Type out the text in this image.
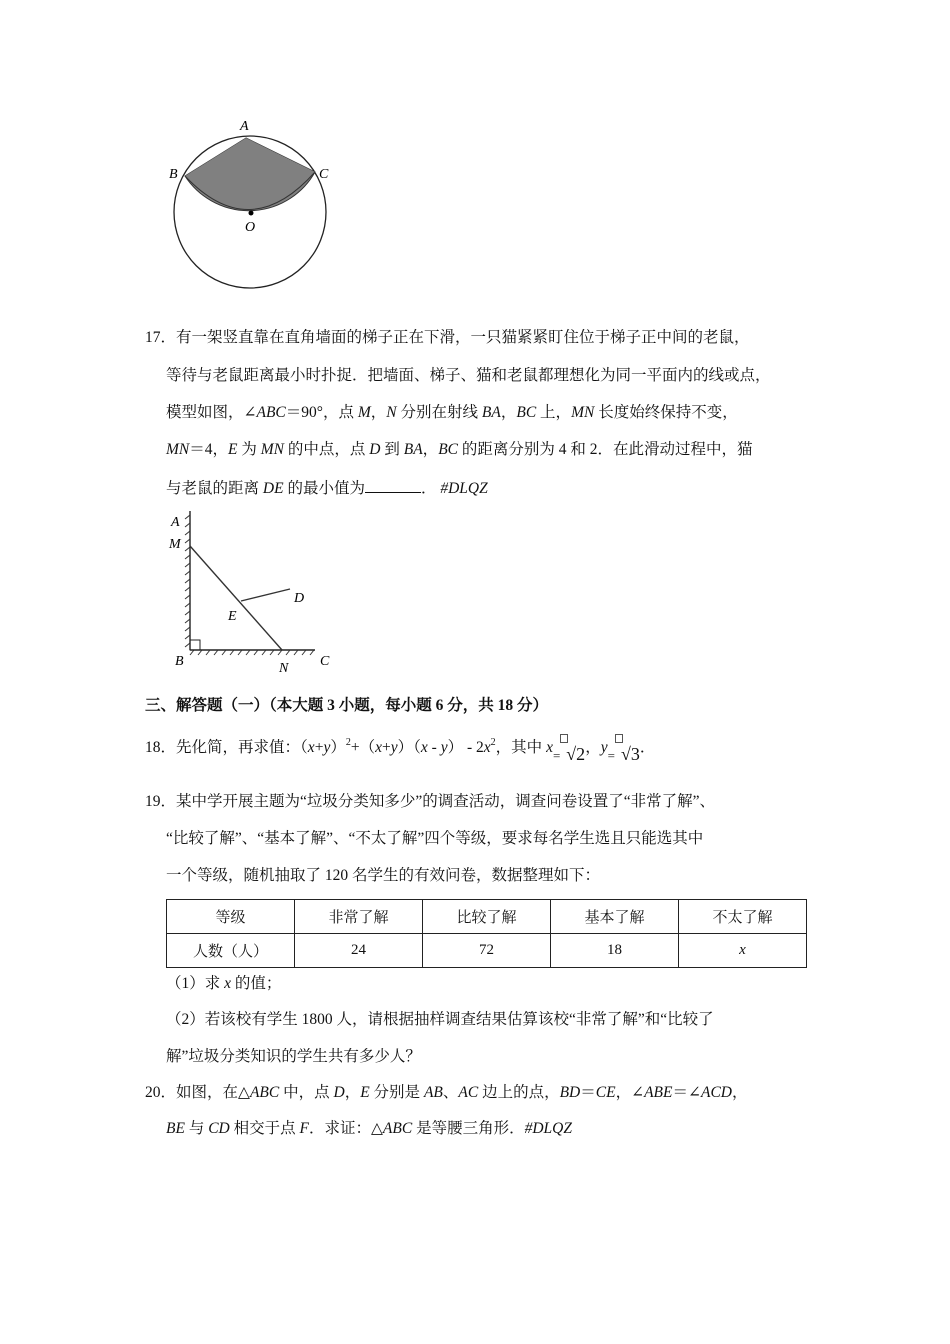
A
B	C
O
17．有一架竖直靠在直角墙面的梯子正在下滑，一只猫紧紧盯住位于梯子正中间的老鼠，
等待与老鼠距离最小时扑捉．把墙面、梯子、猫和老鼠都理想化为同一平面内的线或点，
模型如图，∠ABC＝90°，点 M，N 分别在射线 BA，BC 上，MN 长度始终保持不变，
MN＝4，E 为 MN 的中点，点 D 到 BA，BC 的距离分别为 4 和 2．在此滑动过程中，猫
与老鼠的距离 DE 的最小值为	． #DLQZ
A
M
E
D
B	N C
三、解答题（一）（本大题 3 小题，每小题 6 分，共 18 分）
18．先化简，再求值：$(x+y)^2+(x+y)(x - y) - 2x^2$，其中 $x_=$ √2，$y_=$ √3．
19．某中学开展主题为“垃圾分类知多少”的调查活动，调查问卷设置了“非常了解”、
“比较了解”、“基本了解”、“不太了解”四个等级，要求每名学生选且只能选其中
一个等级，随机抽取了 120 名学生的有效问卷，数据整理如下：
等级	非常了解	比较了解	基本了解	不太了解
人数（人）	24	72	18	x
（1）求 x 的值；
（2）若该校有学生 1800 人，请根据抽样调查结果估算该校“非常了解”和“比较了
解”垃圾分类知识的学生共有多少人？
20．如图，在△ABC 中，点 D，E 分别是 AB、AC 边上的点，BD＝CE，∠ABE＝∠ACD，
BE 与 CD 相交于点 F．求证：△ABC 是等腰三角形．#DLQZ
